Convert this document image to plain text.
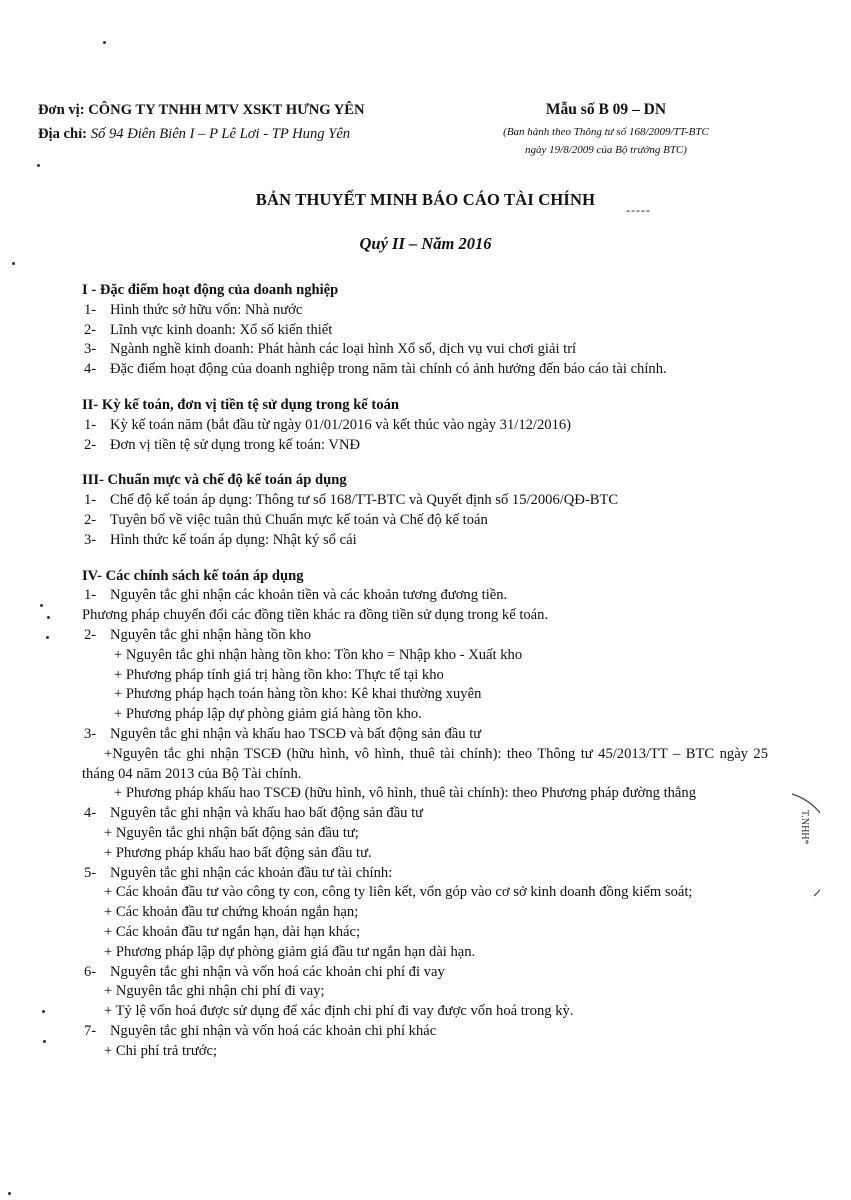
Đơn vị: CÔNG TY TNHH MTV XSKT HƯNG YÊN
Địa chỉ: Số 94 Điên Biên I – P Lê Lơi - TP Hung Yên
Mẫu số B 09 – DN
(Ban hành theo Thông tư số 168/2009/TT-BTC
ngày 19/8/2009 của Bộ trưởng BTC)
BẢN THUYẾT MINH BÁO CÁO TÀI CHÍNH
-----
Quý II – Năm 2016
I - Đặc điểm hoạt động của doanh nghiệp
1- Hình thức sở hữu vốn: Nhà nước
2- Lĩnh vực kinh doanh: Xổ số kiến thiết
3- Ngành nghề kinh doanh: Phát hành các loại hình Xổ số, dịch vụ vui chơi giải trí
4- Đặc điểm hoạt động của doanh nghiệp trong năm tài chính có ảnh hưởng đến báo cáo tài chính.
II- Kỳ kế toán, đơn vị tiền tệ sử dụng trong kế toán
1- Kỳ kế toán năm (bắt đầu từ ngày 01/01/2016 và kết thúc vào ngày 31/12/2016)
2- Đơn vị tiền tệ sử dụng trong kế toán: VNĐ
III- Chuẩn mực và chế độ kế toán áp dụng
1- Chế độ kế toán áp dụng: Thông tư số 168/TT-BTC và Quyết định số 15/2006/QĐ-BTC
2- Tuyên bố về việc tuân thủ Chuẩn mực kế toán và Chế độ kế toán
3- Hình thức kế toán áp dụng: Nhật ký sổ cái
IV- Các chính sách kế toán áp dụng
1- Nguyên tắc ghi nhận các khoản tiền và các khoản tương đương tiền.
Phương pháp chuyển đổi các đồng tiền khác ra đồng tiền sử dụng trong kế toán.
2- Nguyên tắc ghi nhận hàng tồn kho
+ Nguyên tắc ghi nhận hàng tồn kho: Tồn kho = Nhập kho - Xuất kho
+ Phương pháp tính giá trị hàng tồn kho: Thực tế tại kho
+ Phương pháp hạch toán hàng tồn kho: Kê khai thường xuyên
+ Phương pháp lập dự phòng giảm giá hàng tồn kho.
3- Nguyên tắc ghi nhận và khấu hao TSCĐ và bất động sản đầu tư
+Nguyên tắc ghi nhận TSCĐ (hữu hình, vô hình, thuê tài chính): theo Thông tư 45/2013/TT – BTC ngày 25 tháng 04 năm 2013 của Bộ Tài chính.
+ Phương pháp khấu hao TSCĐ (hữu hình, vô hình, thuê tài chính): theo Phương pháp đường thẳng
4- Nguyên tắc ghi nhận và khấu hao bất động sản đầu tư
+ Nguyên tắc ghi nhận bất động sản đầu tư;
+ Phương pháp khấu hao bất động sản đầu tư.
5- Nguyên tắc ghi nhận các khoản đầu tư tài chính:
+ Các khoản đầu tư vào công ty con, công ty liên kết, vốn góp vào cơ sở kinh doanh đồng kiểm soát;
+ Các khoản đầu tư chứng khoán ngắn hạn;
+ Các khoản đầu tư ngắn hạn, dài hạn khác;
+ Phương pháp lập dự phòng giảm giá đầu tư ngắn hạn dài hạn.
6- Nguyên tắc ghi nhận và vốn hoá các khoản chi phí đi vay
+ Nguyên tắc ghi nhận chi phí đi vay;
+ Tỷ lệ vốn hoá được sử dụng để xác định chi phí đi vay được vốn hoá trong kỳ.
7- Nguyên tắc ghi nhận và vốn hoá các khoản chi phí khác
+ Chi phí trả trước;
T.NHH*
